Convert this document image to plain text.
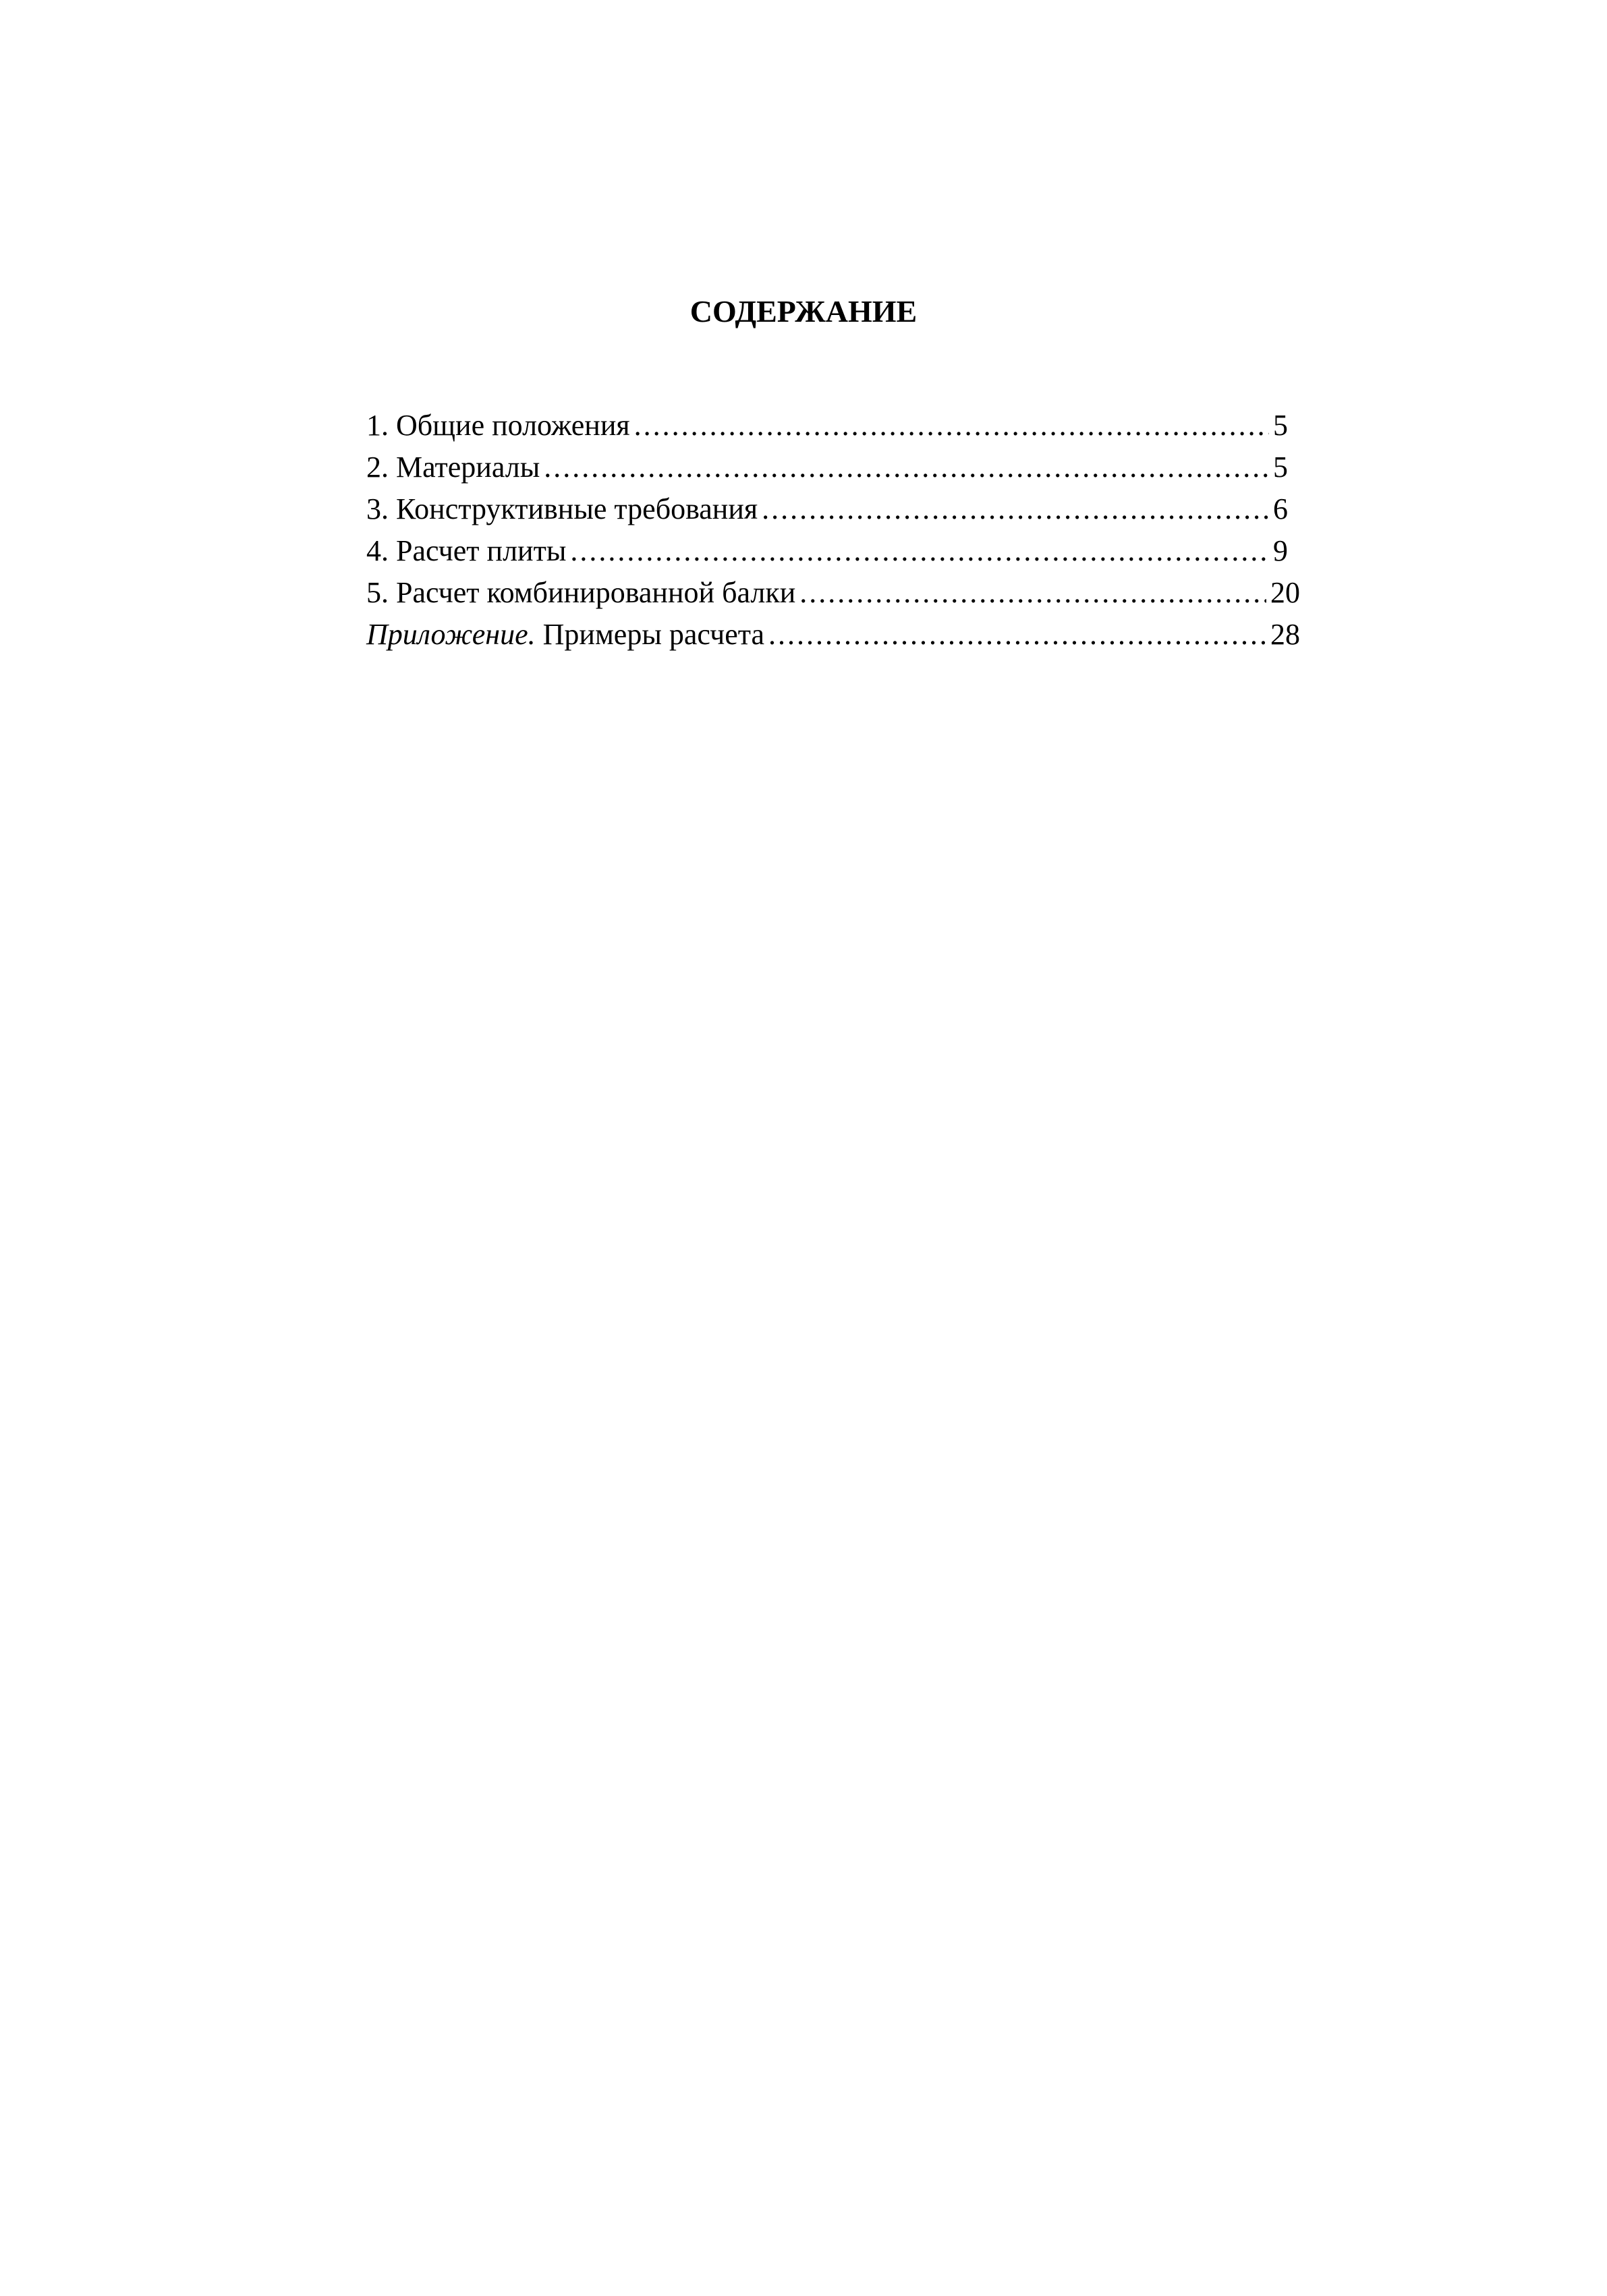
СОДЕРЖАНИЕ
1. Общие положения .....	5
2. Материалы .....	5
3. Конструктивные требования .....	6
4. Расчет плиты .....	9
5. Расчет комбинированной балки .....	20
Приложение. Примеры расчета .....	28
